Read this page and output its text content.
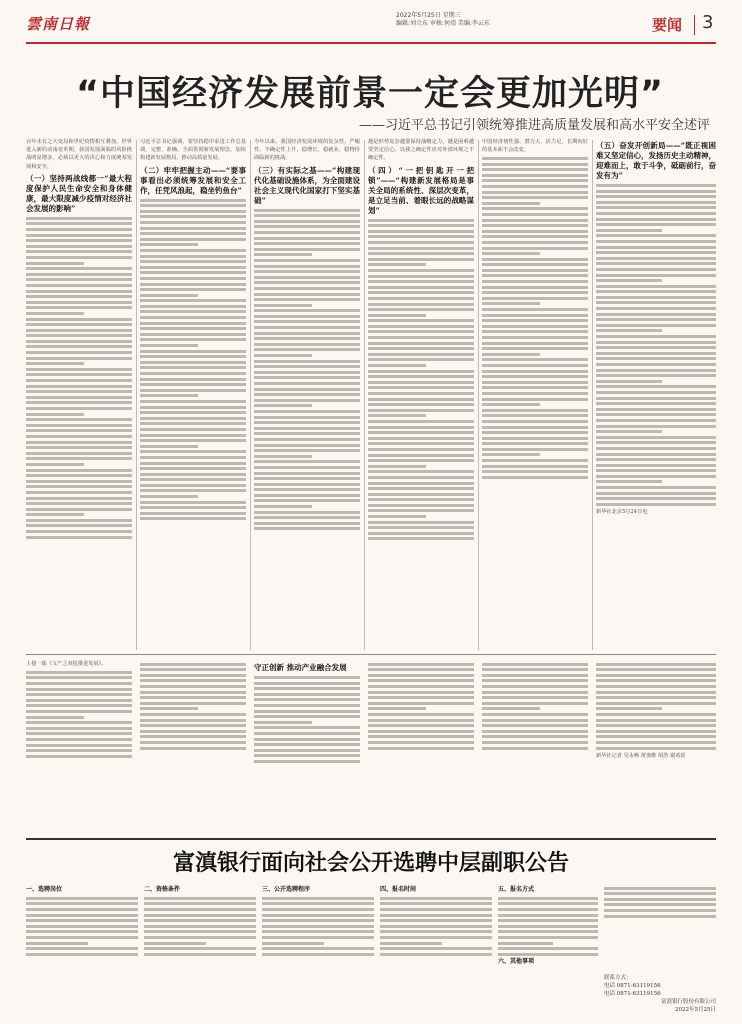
雲南日報	2022年5月25日 星期三
编辑:刘立东 审核:何靖 美编:李云东	要闻 3
“中国经济发展前景一定会更加光明”
——习近平总书记引领统筹推进高质量发展和高水平安全述评
百年未有之大变局和世纪疫情相互叠加，世界进入新的动荡变革期。我国发展面临的风险挑战明显增多，必须以更大的决心和力度统筹发展和安全。
（一）坚持两战线都一“最大程度保护人民生命安全和身体健康，最大限度减少疫情对经济社会发展的影响”
习近平总书记强调，要坚持稳中求进工作总基调，完整、准确、全面贯彻新发展理念，加快构建新发展格局，推动高质量发展。
（二）牢牢把握主动——“要事事看出必须统筹发展和安全工作，任凭风浪起，稳坐钓鱼台”
今年以来，我国经济发展环境的复杂性、严峻性、不确定性上升，稳增长、稳就业、稳物价面临新的挑战。
（三）有实际之基——“构建现代化基础设施体系，为全面建设社会主义现代化国家打下坚实基础”
越是形势复杂越要保持战略定力，越是困难越要坚定信心，以我之确定性应对外部环境之不确定性。
（四）“一把钥匙开一把锁”——“构建新发展格局是事关全局的系统性、深层次变革，是立足当前、着眼长远的战略谋划”
中国经济韧性强、潜力大、活力足，长期向好的基本面不会改变。
（五）奋发开创新局——“既正视困难又坚定信心，发扬历史主动精神，迎难而上，敢于斗争，砥砺前行，奋发有为”
新华社北京5月24日电
上接一版《文产之双报推进发展》。	守正创新 推动产业融合发展
新华社记者 吴永畅 黄奥维 胡浩 谢希瑶
富滇银行面向社会公开选聘中层副职公告
一、选聘岗位	二、资格条件	三、公开选聘程序	四、报名时间	五、报名方式
六、其他事项
联系方式：
电话 0871-63119156
电话 0871-63119156
富滇银行股份有限公司
2022年5月25日
